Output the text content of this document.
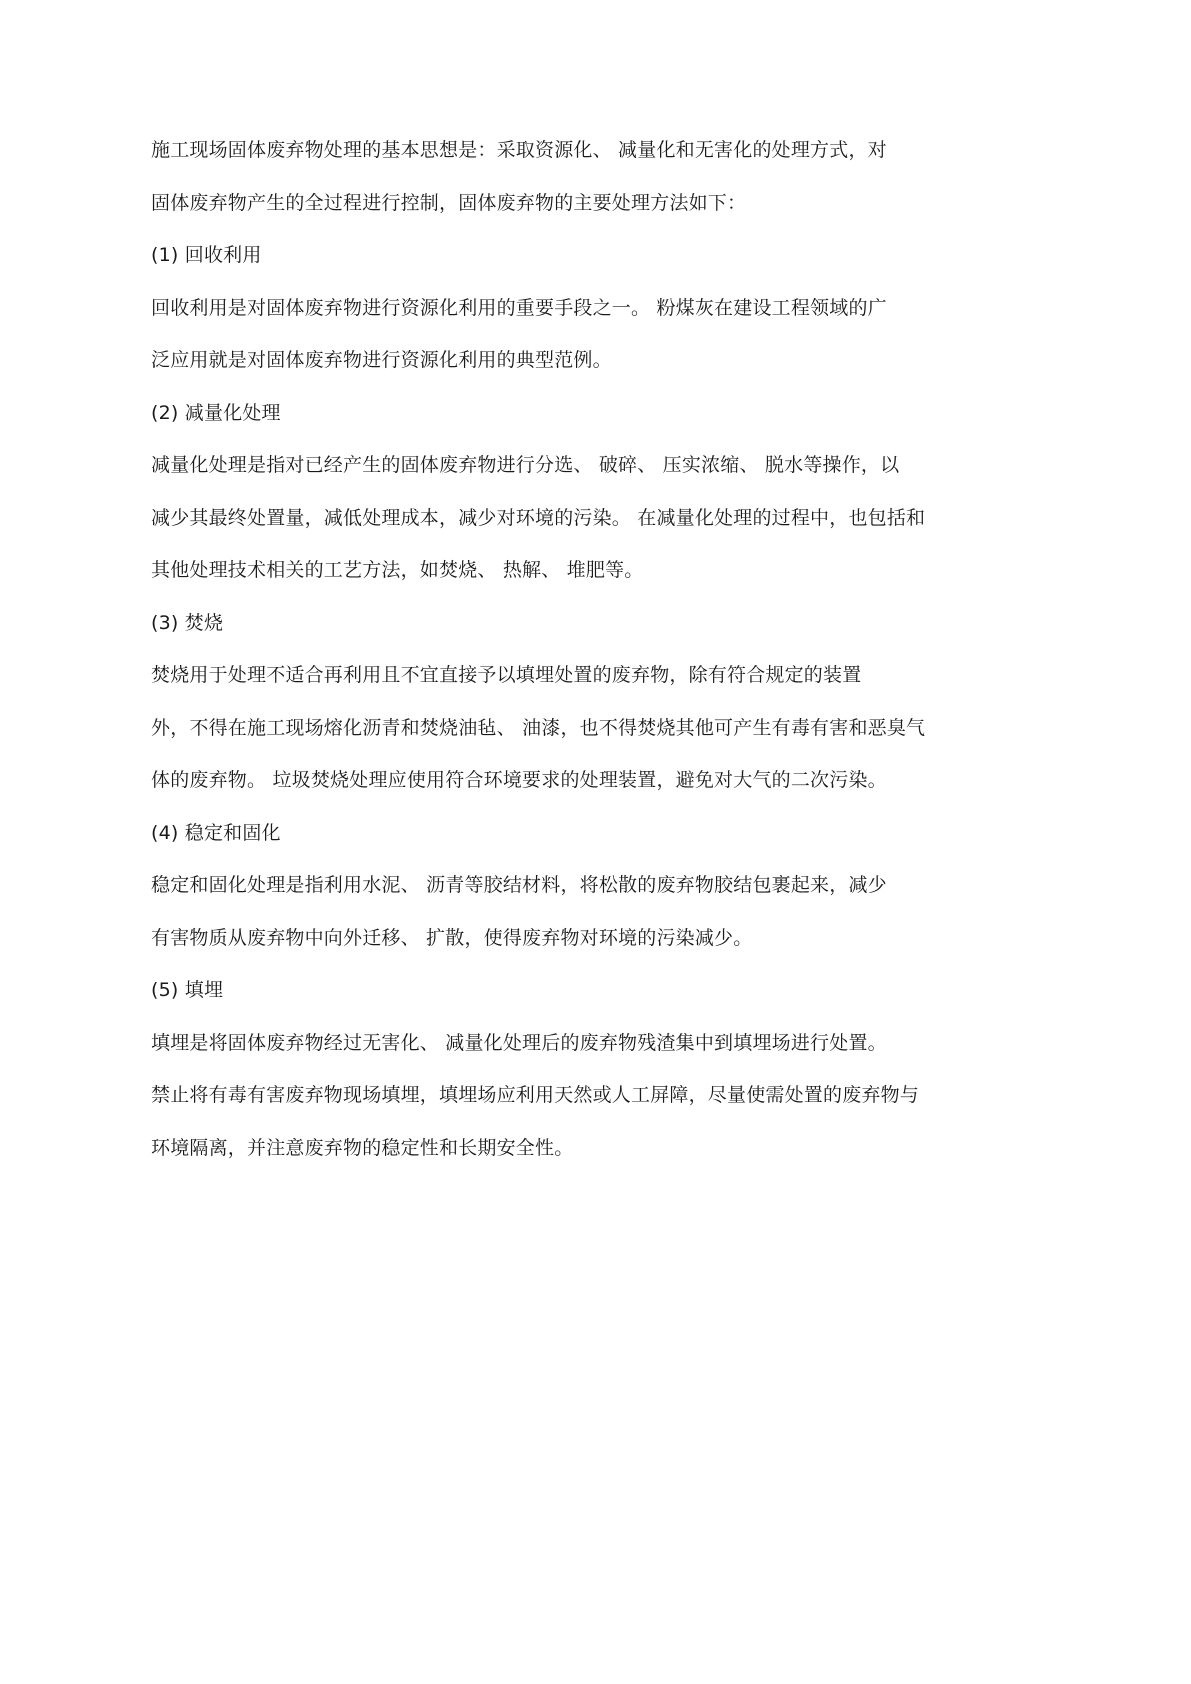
施工现场固体废弃物处理的基本思想是：采取资源化、 减量化和无害化的处理方式，对
固体废弃物产生的全过程进行控制，固体废弃物的主要处理方法如下：
(1) 回收利用
回收利用是对固体废弃物进行资源化利用的重要手段之一。 粉煤灰在建设工程领域的广
泛应用就是对固体废弃物进行资源化利用的典型范例。
(2) 减量化处理
减量化处理是指对已经产生的固体废弃物进行分选、 破碎、 压实浓缩、 脱水等操作，以
减少其最终处置量，减低处理成本，减少对环境的污染。 在减量化处理的过程中，也包括和
其他处理技术相关的工艺方法，如焚烧、 热解、 堆肥等。
(3) 焚烧
焚烧用于处理不适合再利用且不宜直接予以填埋处置的废弃物，除有符合规定的装置
外，不得在施工现场熔化沥青和焚烧油毡、 油漆，也不得焚烧其他可产生有毒有害和恶臭气
体的废弃物。 垃圾焚烧处理应使用符合环境要求的处理装置，避免对大气的二次污染。
(4) 稳定和固化
稳定和固化处理是指利用水泥、 沥青等胶结材料，将松散的废弃物胶结包裹起来，减少
有害物质从废弃物中向外迁移、 扩散，使得废弃物对环境的污染减少。
(5) 填埋
填埋是将固体废弃物经过无害化、 减量化处理后的废弃物残渣集中到填埋场进行处置。
禁止将有毒有害废弃物现场填埋，填埋场应利用天然或人工屏障，尽量使需处置的废弃物与
环境隔离，并注意废弃物的稳定性和长期安全性。
